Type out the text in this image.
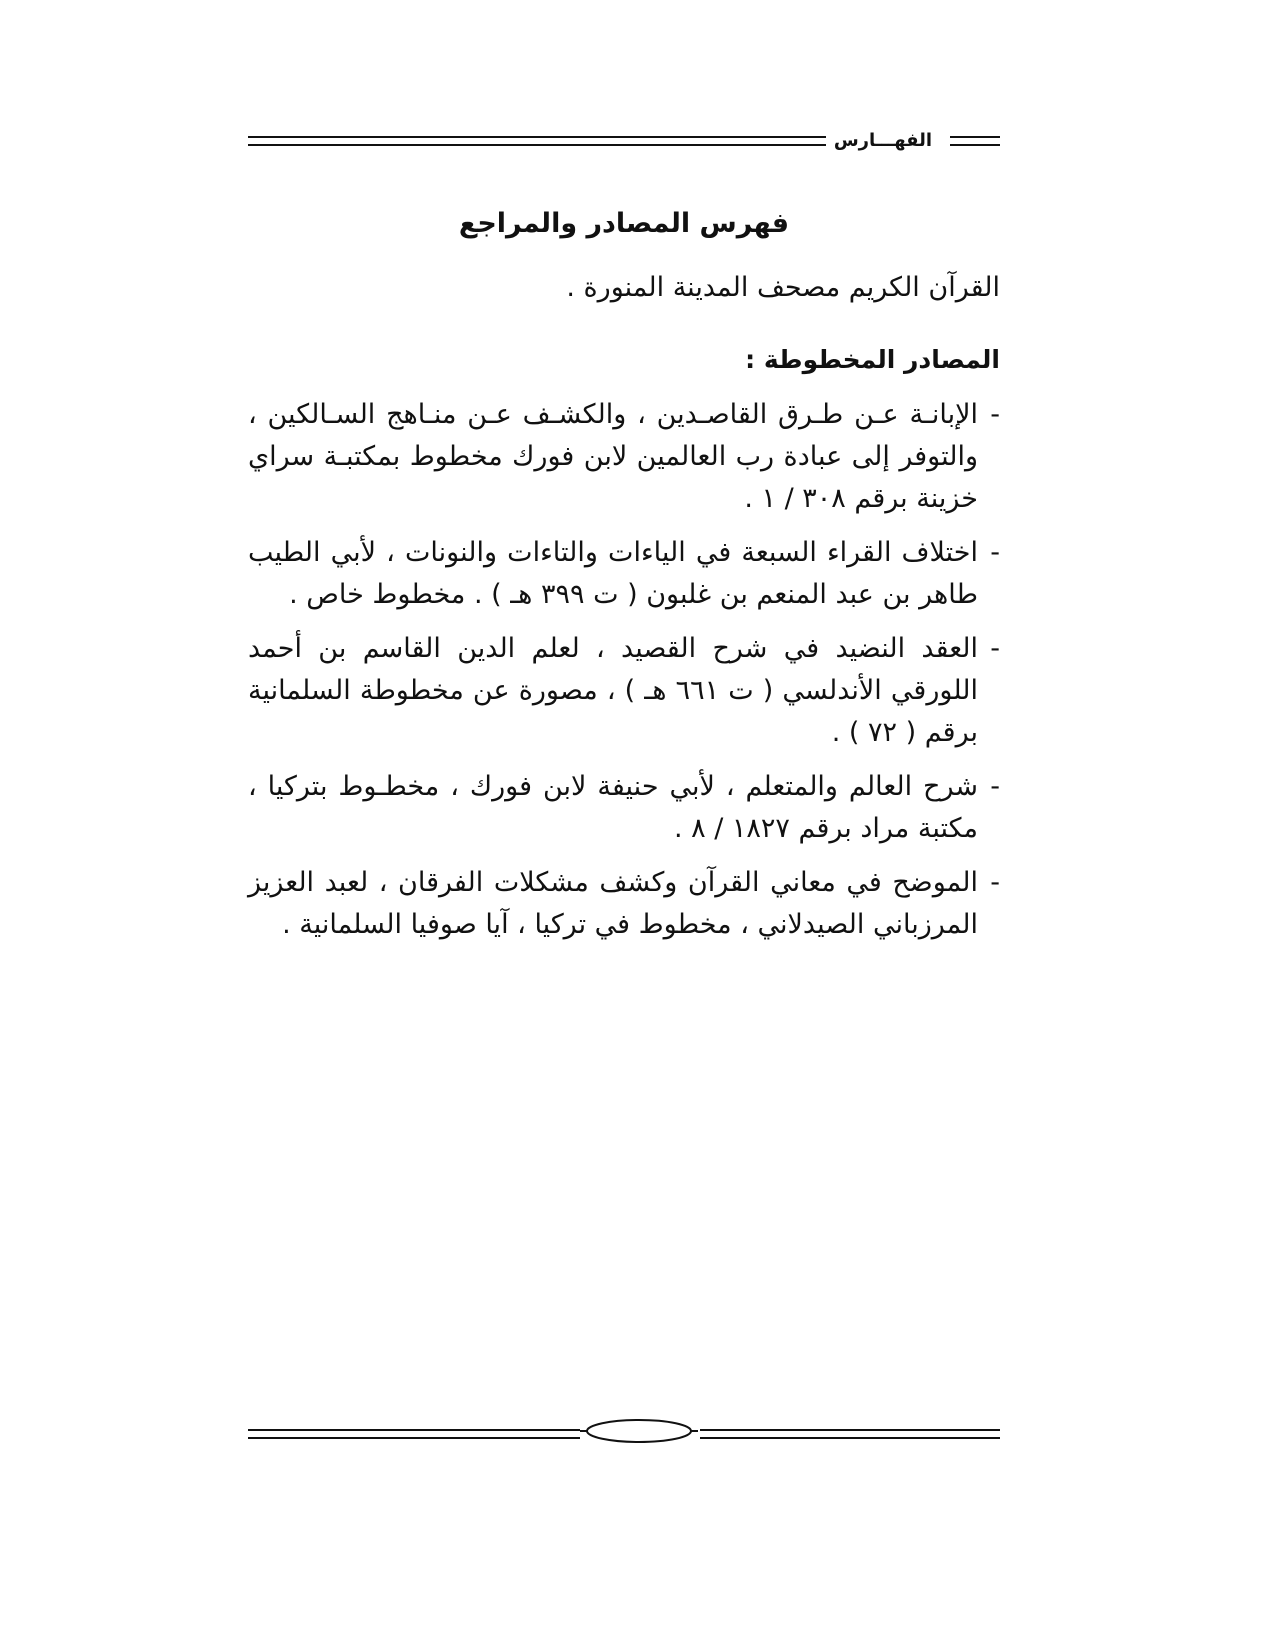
الفهـــارس
فهرس المصادر والمراجع
القرآن الكريم مصحف المدينة المنورة .
المصادر المخطوطة :
-
الإبانـة عـن طـرق القاصـدين ، والكشـف عـن منـاهج السـالكين ، والتوفر إلى عبادة رب العالمين لابن فورك مخطوط بمكتبـة سراي خزينة برقم ٣٠٨ / ١ .
-
اختلاف القراء السبعة في الياءات والتاءات والنونات ، لأبي الطيب طاهر بن عبد المنعم بن غلبون ( ت ٣٩٩ هـ ) . مخطوط خاص .
-
العقد النضيد في شرح القصيد ، لعلم الدين القاسم بن أحمد اللورقي الأندلسي ( ت ٦٦١ هـ ) ، مصورة عن مخطوطة السلمانية برقم ( ٧٢ ) .
-
شرح العالم والمتعلم ، لأبي حنيفة لابن فورك ، مخطـوط بتركيا ، مكتبة مراد برقم ١٨٢٧ / ٨ .
-
الموضح في معاني القرآن وكشف مشكلات الفرقان ، لعبد العزيز المرزباني الصيدلاني ، مخطوط في تركيا ، آيا صوفيا السلمانية .
